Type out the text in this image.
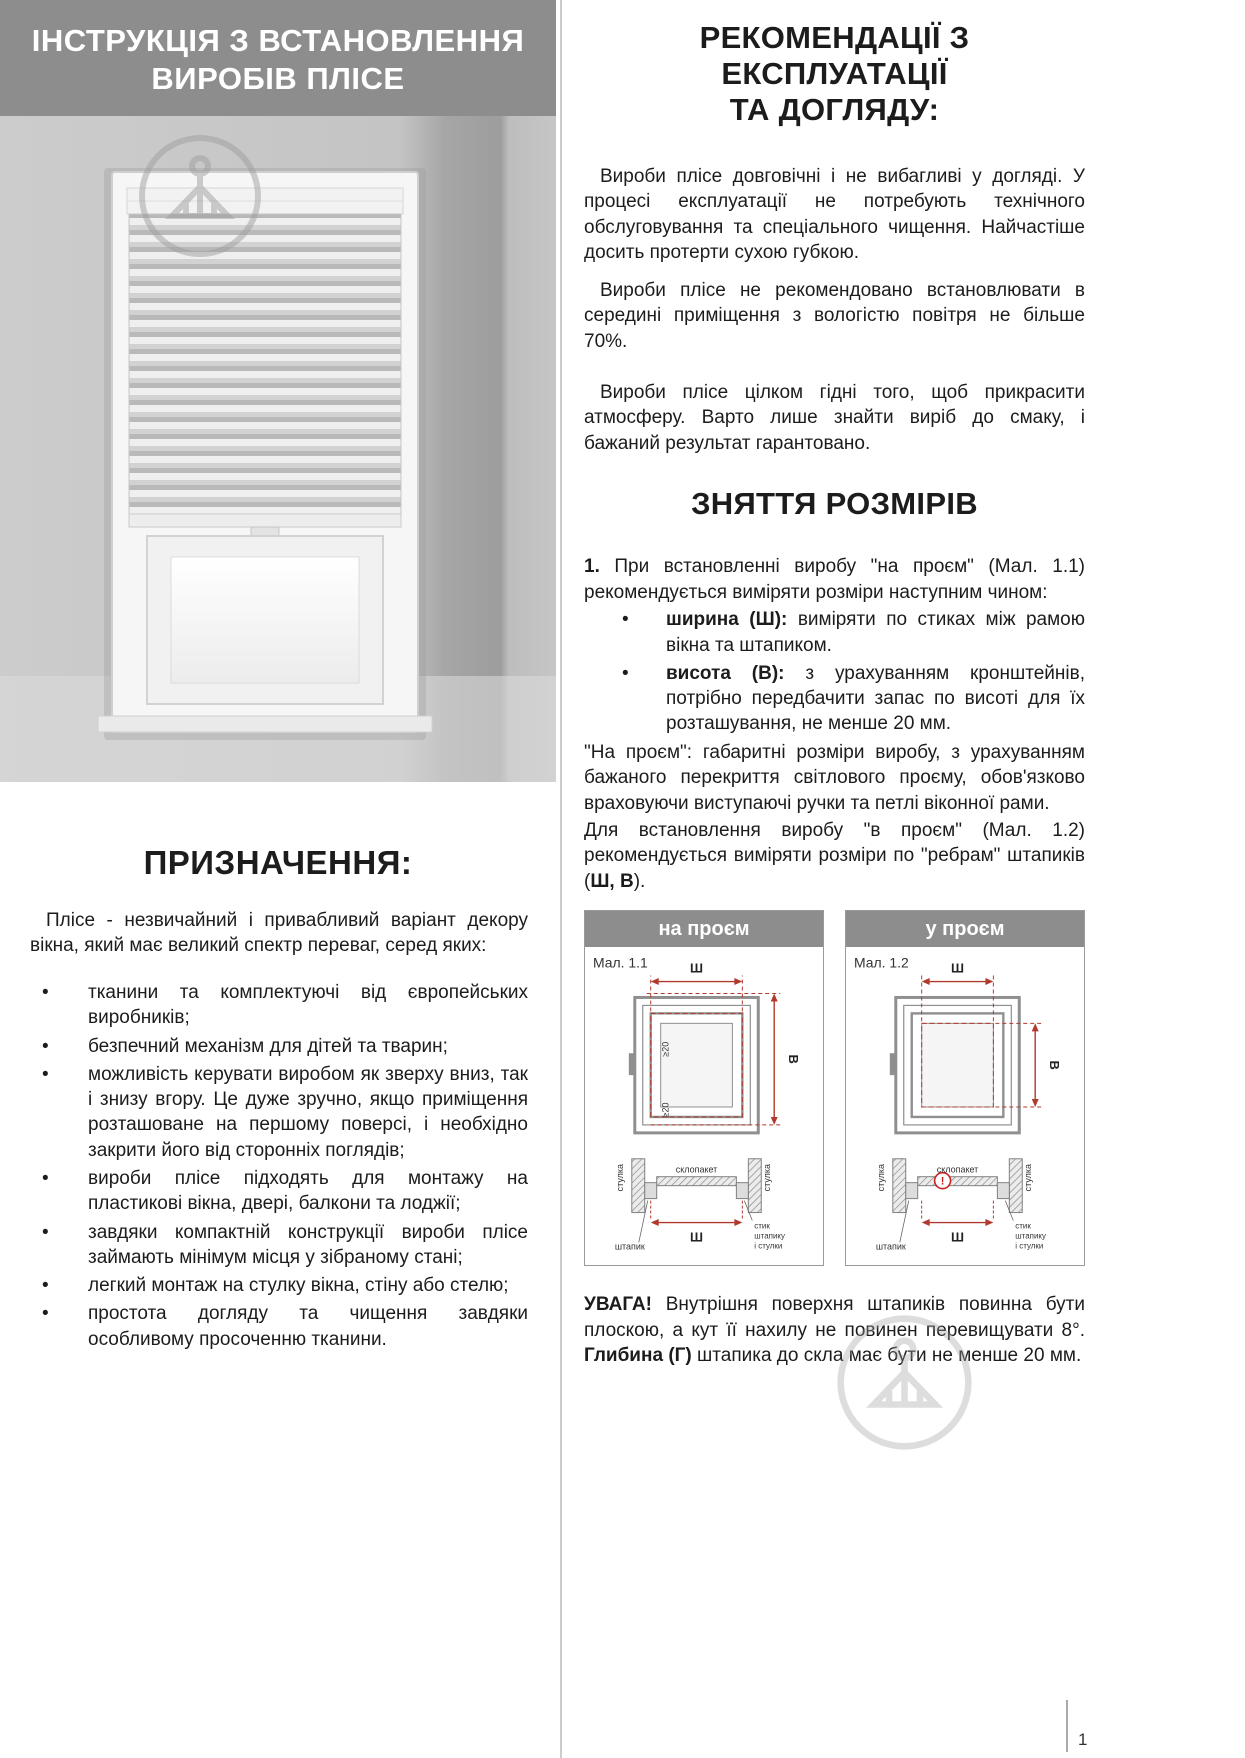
ІНСТРУКЦІЯ З ВСТАНОВЛЕННЯ
ВИРОБІВ ПЛІСЕ
ПРИЗНАЧЕННЯ:

Плісе - незвичайний і привабливий варіант декору вікна, який має великий спектр переваг, серед яких:

•
тканини та комплектуючі від європейських виробників;
•
безпечний механізм для дітей та тварин;
•
можливість керувати виробом як зверху вниз, так і знизу вгору. Це дуже зручно, якщо приміщення розташоване на першому поверсі, і необхідно закрити його від сторонніх поглядів;
•
вироби плісе підходять для монтажу на пластикові вікна, двері, балкони та лоджії;
•
завдяки компактній конструкції вироби плісе займають мінімум місця у зібраному стані;
•
легкий монтаж на стулку вікна, стіну або стелю;
•
простота догляду та чищення завдяки особливому просоченню тканини.
РЕКОМЕНДАЦІЇ З ЕКСПЛУАТАЦІЇ
ТА ДОГЛЯДУ:

Вироби плісе довговічні і не вибагливі у догляді. У процесі експлуатації не потребують технічного обслуговування та спеціального чищення. Найчастіше досить протерти сухою губкою.

Вироби плісе не рекомендовано встановлювати в середині приміщення з вологістю повітря не більше 70%.

Вироби плісе цілком гідні того, щоб прикрасити атмосферу. Варто лише знайти виріб до смаку, і бажаний результат гарантовано.

ЗНЯТТЯ РОЗМІРІВ

1. При встановленні виробу "на проєм" (Мал. 1.1) рекомендується виміряти розміри наступним чином:

•
ширина (Ш): виміряти по стиках між рамою вікна та штапиком.
•
висота (В): з урахуванням кронштейнів, потрібно передбачити запас по висоті для їх розташування, не менше 20 мм.

"На проєм": габаритні розміри виробу, з урахуванням бажаного перекриття світлового проєму, обов'язково враховуючи виступаючі ручки та петлі віконної рами.

Для встановлення виробу "в проєм" (Мал. 1.2) рекомендується виміряти розміри по "ребрам" штапиків (Ш, В).

на проєм
Мал. 1.1	Ш
В
≥20
≥20
стулка	стулка
склопакет
штапик
Ш
стик
штапику
і стулки
у проєм
Мал. 1.2	Ш
В
!
стулка	стулка
склопакет
штапик
Ш
стик
штапику
і стулки

УВАГА! Внутрішня поверхня штапиків повинна бути плоскою, а кут її нахилу не повинен перевищувати 8°. Глибина (Г) штапика до скла має бути не менше 20 мм.

1
